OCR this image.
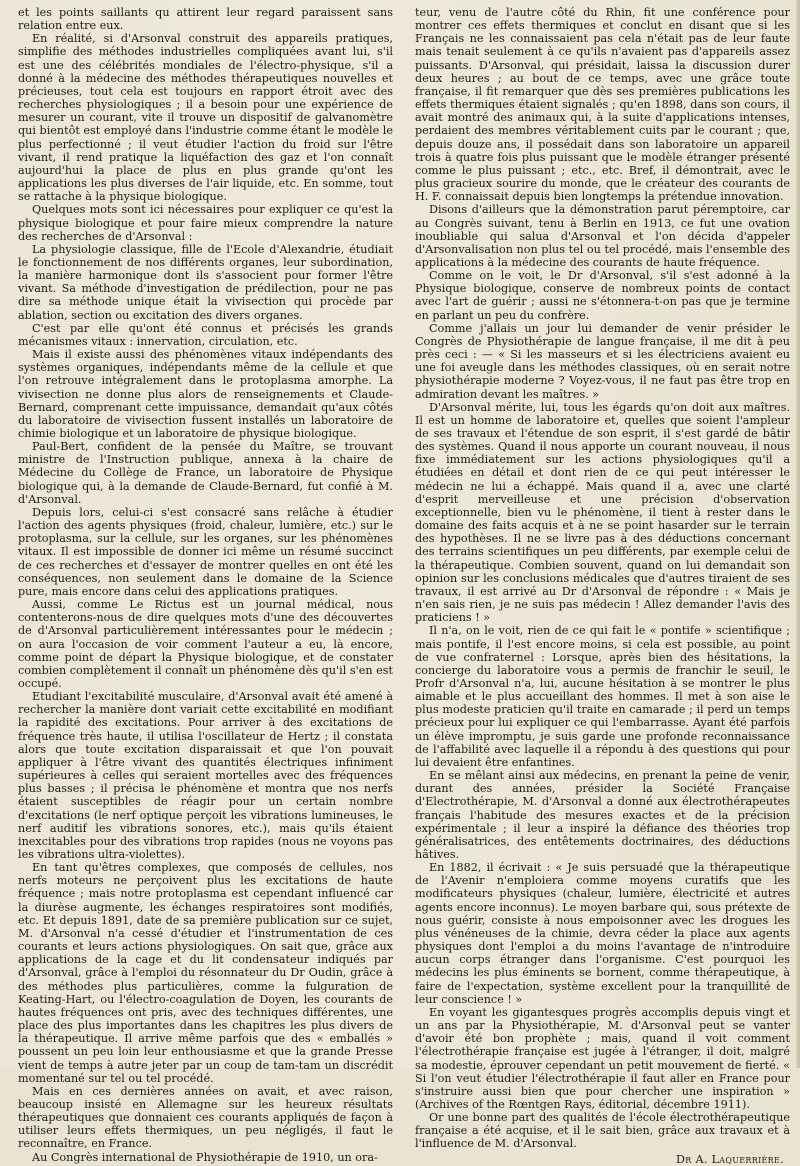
et les points saillants qu attirent leur regard paraissent sans relation entre eux.

En réalité, si d'Arsonval construit des appareils pratiques, simplifie des méthodes industrielles compliquées avant lui, s'il est une des célébrités mondiales de l'électro-physique, s'il a donné à la médecine des méthodes thérapeutiques nouvelles et précieuses, tout cela est toujours en rapport étroit avec des recherches physiologiques ; il a besoin pour une expérience de mesurer un courant, vite il trouve un dispositif de galvanomètre qui bientôt est employé dans l'industrie comme étant le modèle le plus perfectionné ; il veut étudier l'action du froid sur l'être vivant, il rend pratique la liquéfaction des gaz et l'on connaît aujourd'hui la place de plus en plus grande qu'ont les applications les plus diverses de l'air liquide, etc. En somme, tout se rattache à la physique biologique.

Quelques mots sont ici nécessaires pour expliquer ce qu'est la physique biologique et pour faire mieux comprendre la nature des recherches de d'Arsonval :

La physiologie classique, fille de l'Ecole d'Alexandrie, étudiait le fonctionnement de nos différents organes, leur subordination, la manière harmonique dont ils s'associent pour former l'être vivant. Sa méthode d'investigation de prédilection, pour ne pas dire sa méthode unique était la vivisection qui procède par ablation, section ou excitation des divers organes.

C'est par elle qu'ont été connus et précisés les grands mécanismes vitaux : innervation, circulation, etc.

Mais il existe aussi des phénomènes vitaux indépendants des systèmes organiques, indépendants même de la cellule et que l'on retrouve intégralement dans le protoplasma amorphe. La vivisection ne donne plus alors de renseignements et Claude-Bernard, comprenant cette impuissance, demandait qu'aux côtés du laboratoire de vivisection fussent installés un laboratoire de chimie biologique et un laboratoire de physique biologique.

Paul-Bert, confident de la pensée du Maître, se trouvant ministre de l'Instruction publique, annexa à la chaire de Médecine du Collège de France, un laboratoire de Physique biologique qui, à la demande de Claude-Bernard, fut confié à M. d'Arsonval.

Depuis lors, celui-ci s'est consacré sans relâche à étudier l'action des agents physiques (froid, chaleur, lumière, etc.) sur le protoplasma, sur la cellule, sur les organes, sur les phénomènes vitaux. Il est impossible de donner ici même un résumé succinct de ces recherches et d'essayer de montrer quelles en ont été les conséquences, non seulement dans le domaine de la Science pure, mais encore dans celui des applications pratiques.

Aussi, comme Le Rictus est un journal médical, nous contenterons-nous de dire quelques mots d'une des découvertes de d'Arsonval particulièrement intéressantes pour le médecin ; on aura l'occasion de voir comment l'auteur a eu, là encore, comme point de départ la Physique biologique, et de constater combien complètement il connaît un phénomène dès qu'il s'en est occupé.

Etudiant l'excitabilité musculaire, d'Arsonval avait été amené à rechercher la manière dont variait cette excitabilité en modifiant la rapidité des excitations. Pour arriver à des excitations de fréquence très haute, il utilisa l'oscillateur de Hertz ; il constata alors que toute excitation disparaissait et que l'on pouvait appliquer à l'être vivant des quantités électriques infiniment supérieures à celles qui seraient mortelles avec des fréquences plus basses ; il précisa le phénomène et montra que nos nerfs étaient susceptibles de réagir pour un certain nombre d'excitations (le nerf optique perçoit les vibrations lumineuses, le nerf auditif les vibrations sonores, etc.), mais qu'ils étaient inexcitables pour des vibrations trop rapides (nous ne voyons pas les vibrations ultra-violettes).

En tant qu'êtres complexes, que composés de cellules, nos nerfs moteurs ne perçoivent plus les excitations de haute fréquence ; mais notre protoplasma est cependant influencé car la diurèse augmente, les échanges respiratoires sont modifiés, etc. Et depuis 1891, date de sa première publication sur ce sujet, M. d'Arsonval n'a cessé d'étudier et l'instrumentation de ces courants et leurs actions physiologiques. On sait que, grâce aux applications de la cage et du lit condensateur indiqués par d'Arsonval, grâce à l'emploi du résonnateur du Dr Oudin, grâce à des méthodes plus particulières, comme la fulguration de Keating-Hart, ou l'électro-coagulation de Doyen, les courants de hautes fréquences ont pris, avec des techniques différentes, une place des plus importantes dans les chapitres les plus divers de la thérapeutique. Il arrive même parfois que des « emballés » poussent un peu loin leur enthousiasme et que la grande Presse vient de temps à autre jeter par un coup de tam-tam un discrédit momentané sur tel ou tel procédé.

Mais en ces dernières années on avait, et avec raison, beaucoup insisté en Allemagne sur les heureux résultats thérapeutiques que donnaient ces courants appliqués de façon à utiliser leurs effets thermiques, un peu négligés, il faut le reconnaître, en France.

Au Congrès international de Physiothérapie de 1910, un ora-

teur, venu de l'autre côté du Rhin, fit une conférence pour montrer ces effets thermiques et conclut en disant que si les Français ne les connaissaient pas cela n'était pas de leur faute mais tenait seulement à ce qu'ils n'avaient pas d'appareils assez puissants. D'Arsonval, qui présidait, laissa la discussion durer deux heures ; au bout de ce temps, avec une grâce toute française, il fit remarquer que dès ses premières publications les effets thermiques étaient signalés ; qu'en 1898, dans son cours, il avait montré des animaux qui, à la suite d'applications intenses, perdaient des membres véritablement cuits par le courant ; que, depuis douze ans, il possédait dans son laboratoire un appareil trois à quatre fois plus puissant que le modèle étranger présenté comme le plus puissant ; etc., etc. Bref, il démontrait, avec le plus gracieux sourire du monde, que le créateur des courants de H. F. connaissait depuis bien longtemps la prétendue innovation.

Disons d'ailleurs que la démonstration parut péremptoire, car au Congrès suivant, tenu à Berlin en 1913, ce fut une ovation inoubliable qui salua d'Arsonval et l'on décida d'appeler d'Arsonvalisation non plus tel ou tel procédé, mais l'ensemble des applications à la médecine des courants de haute fréquence.

Comme on le voit, le Dr d'Arsonval, s'il s'est adonné à la Physique biologique, conserve de nombreux points de contact avec l'art de guérir ; aussi ne s'étonnera-t-on pas que je termine en parlant un peu du confrère.

Comme j'allais un jour lui demander de venir présider le Congrès de Physiothérapie de langue française, il me dit à peu près ceci : — « Si les masseurs et si les électriciens avaient eu une foi aveugle dans les méthodes classiques, où en serait notre physiothérapie moderne ? Voyez-vous, il ne faut pas être trop en admiration devant les maîtres. »

D'Arsonval mérite, lui, tous les égards qu'on doit aux maîtres. Il est un homme de laboratoire et, quelles que soient l'ampleur de ses travaux et l'étendue de son esprit, il s'est gardé de bâtir des systèmes. Quand il nous apporte un courant nouveau, il nous fixe immédiatement sur les actions physiologiques qu'il a étudiées en détail et dont rien de ce qui peut intéresser le médecin ne lui a échappé. Mais quand il a, avec une clarté d'esprit merveilleuse et une précision d'observation exceptionnelle, bien vu le phénomène, il tient à rester dans le domaine des faits acquis et à ne se point hasarder sur le terrain des hypothèses. Il ne se livre pas à des déductions concernant des terrains scientifiques un peu différents, par exemple celui de la thérapeutique. Combien souvent, quand on lui demandait son opinion sur les conclusions médicales que d'autres tiraient de ses travaux, il est arrivé au Dr d'Arsonval de répondre : « Mais je n'en sais rien, je ne suis pas médecin ! Allez demander l'avis des praticiens ! »

Il n'a, on le voit, rien de ce qui fait le « pontife » scientifique ; mais pontife, il l'est encore moins, si cela est possible, au point de vue confraternel : Lorsque, après bien des hésitations, la concierge du laboratoire vous a permis de franchir le seuil, le Profr d'Arsonval n'a, lui, aucune hésitation à se montrer le plus aimable et le plus accueillant des hommes. Il met à son aise le plus modeste praticien qu'il traite en camarade ; il perd un temps précieux pour lui expliquer ce qui l'embarrasse. Ayant été parfois un élève impromptu, je suis garde une profonde reconnaissance de l'affabilité avec laquelle il a répondu à des questions qui pour lui devaient être enfantines.

En se mêlant ainsi aux médecins, en prenant la peine de venir, durant des années, présider la Société Française d'Electrothérapie, M. d'Arsonval a donné aux électrothérapeutes français l'habitude des mesures exactes et de la précision expérimentale ; il leur a inspiré la défiance des théories trop généralisatrices, des entêtements doctrinaires, des déductions hâtives.

En 1882, il écrivait : « Je suis persuadé que la thérapeutique de l'Avenir n'emploiera comme moyens curatifs que les modificateurs physiques (chaleur, lumière, électricité et autres agents encore inconnus). Le moyen barbare qui, sous prétexte de nous guérir, consiste à nous empoisonner avec les drogues les plus vénéneuses de la chimie, devra céder la place aux agents physiques dont l'emploi a du moins l'avantage de n'introduire aucun corps étranger dans l'organisme. C'est pourquoi les médecins les plus éminents se bornent, comme thérapeutique, à faire de l'expectation, système excellent pour la tranquillité de leur conscience ! »

En voyant les gigantesques progrès accomplis depuis vingt et un ans par la Physiothérapie, M. d'Arsonval peut se vanter d'avoir été bon prophète ; mais, quand il voit comment l'électrothérapie française est jugée à l'étranger, il doit, malgré sa modestie, éprouver cependant un petit mouvement de fierté. « Si l'on veut étudier l'électrothérapie il faut aller en France pour s'instruire aussi bien que pour chercher une inspiration » (Archives of the Rœntgen Rays, éditorial, décembre 1911).

Or une bonne part des qualités de l'école électrothérapeutique française a été acquise, et il le sait bien, grâce aux travaux et à l'influence de M. d'Arsonval.

Dr A. Laquerrière.
